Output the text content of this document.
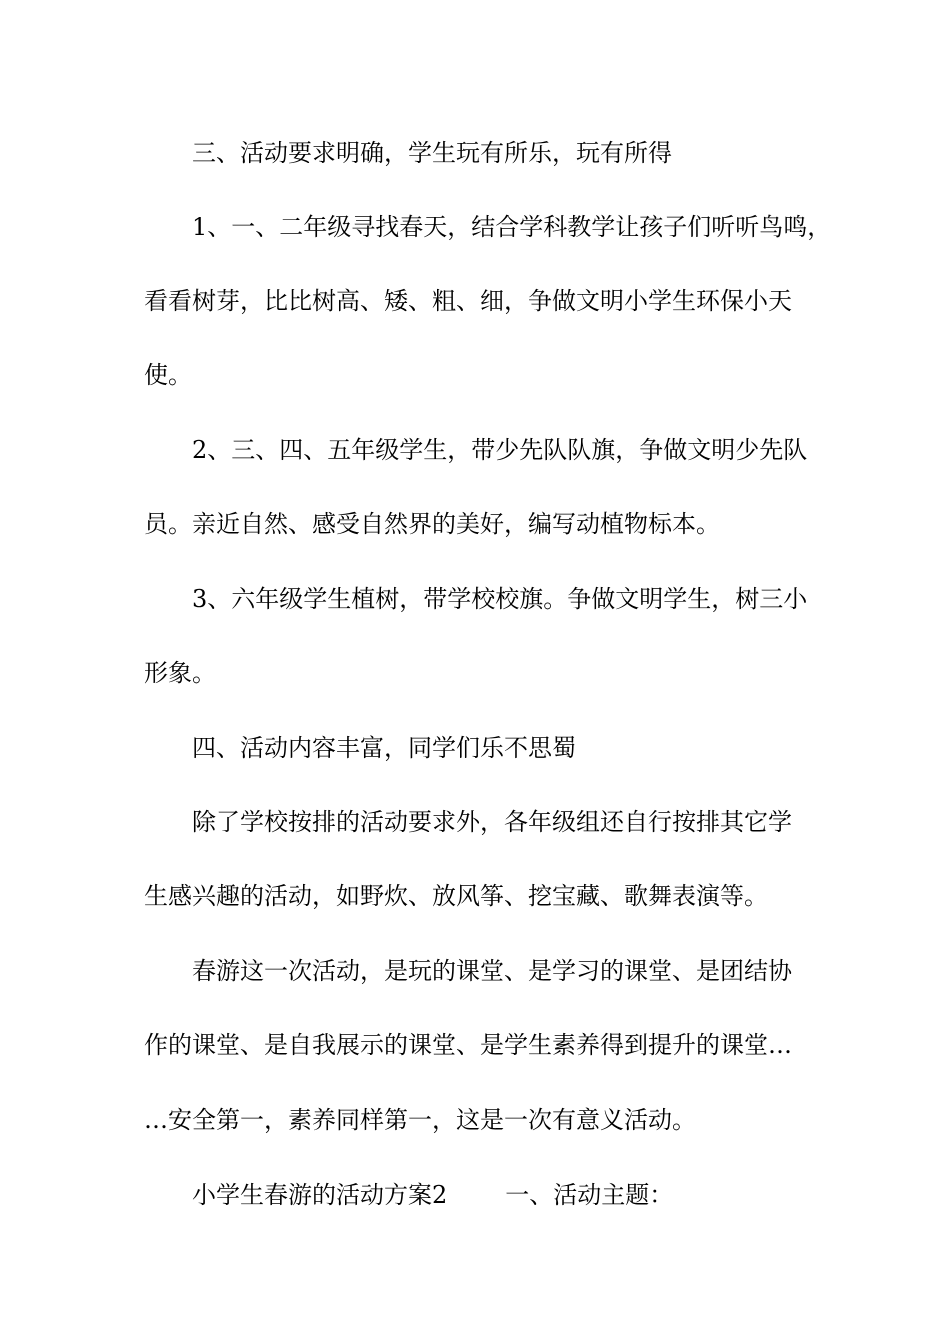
三、活动要求明确，学生玩有所乐，玩有所得
1、一、二年级寻找春天，结合学科教学让孩子们听听鸟鸣，
看看树芽，比比树高、矮、粗、细，争做文明小学生环保小天
使。
2、三、四、五年级学生，带少先队队旗，争做文明少先队
员。亲近自然、感受自然界的美好，编写动植物标本。
3、六年级学生植树，带学校校旗。争做文明学生，树三小
形象。
四、活动内容丰富，同学们乐不思蜀
除了学校按排的活动要求外，各年级组还自行按排其它学
生感兴趣的活动，如野炊、放风筝、挖宝藏、歌舞表演等。
春游这一次活动，是玩的课堂、是学习的课堂、是团结协
作的课堂、是自我展示的课堂、是学生素养得到提升的课堂…
…安全第一，素养同样第一，这是一次有意义活动。
小学生春游的活动方案2 一、活动主题：
